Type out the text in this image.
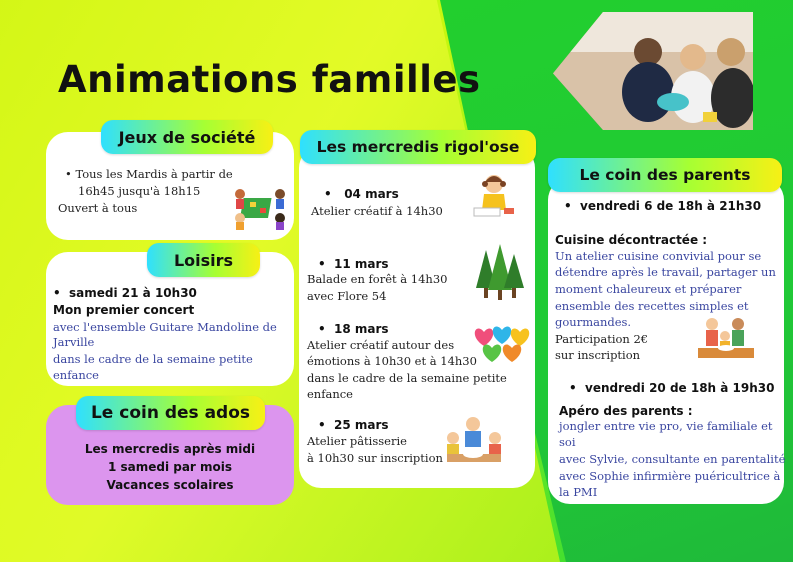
Animations familles
Jeux de société
• Tous les Mardis à partir de
16h45 jusqu'à 18h15
Ouvert à tous
Loisirs
•  samedi 21 à 10h30
Mon premier concert
avec l'ensemble Guitare Mandoline de
Jarville
dans le cadre de la semaine petite
enfance
Le coin des ados
Les mercredis après midi
1 samedi par mois
Vacances scolaires
Les mercredis rigol'ose
•   04 mars
Atelier créatif à 14h30
•  11 mars
Balade en forêt à 14h30
avec Flore 54
•  18 mars
Atelier créatif autour des
émotions à 10h30 et à 14h30
dans le cadre de la semaine petite
enfance
•  25 mars
Atelier pâtisserie
à 10h30 sur inscription
Le coin des parents
•  vendredi 6 de 18h à 21h30
Cuisine décontractée :
Un atelier cuisine convivial pour se
détendre après le travail, partager un
moment chaleureux et préparer
ensemble des recettes simples et
gourmandes.
Participation 2€
sur inscription
•  vendredi 20 de 18h à 19h30
Apéro des parents :
jongler entre vie pro, vie familiale et
soi
avec Sylvie, consultante en parentalité
avec Sophie infirmière puéricultrice à
la PMI
